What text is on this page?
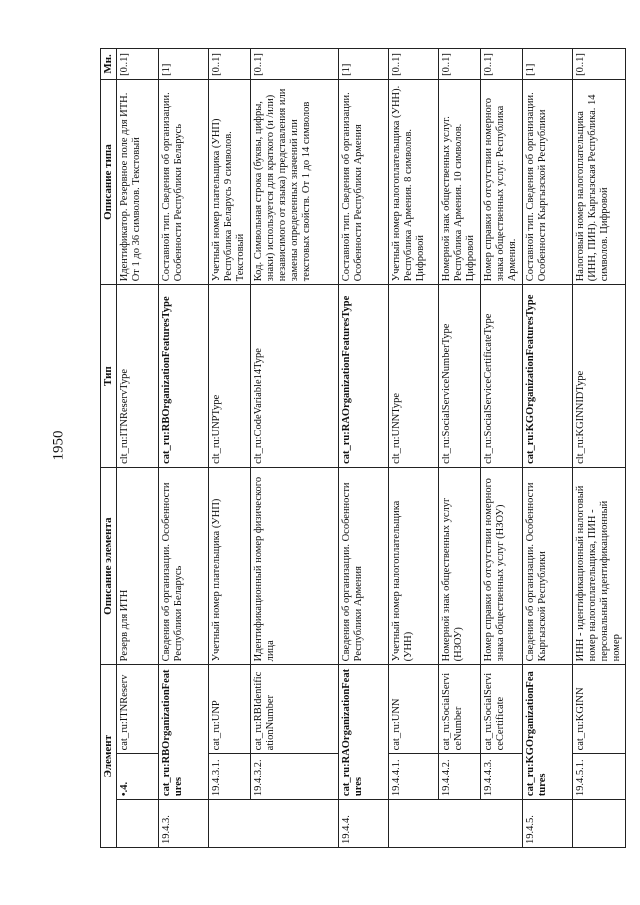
1950
Элемент			Описание элемента	Тип	Описание типа	Мн.
	•.4.	cat_ru:ITNReserv	Резерв для ИТН	clt_ru:ITNReservType	Идентификатор. Резервное поле для ИТН. От 1 до 36 символов. Текстовый	[0..1]
19.4.3.	cat_ru:RBOrganizationFeatures		Сведения об организации. Особенности Республики Беларусь	cat_ru:RBOrganizationFeaturesType	Составной тип. Сведения об организации. Особенности Республики Беларусь	[1]
	19.4.3.1.	cat_ru:UNP	Учетный номер плательщика (УНП)	clt_ru:UNPType	Учетный номер плательщика (УНП) Республика Беларусь 9 символов. Текстовый	[0..1]
	19.4.3.2.	cat_ru:RBIdentificationNumber	Идентификационный номер физического лица	clt_ru:CodeVariable14Type	Код. Символьная строка (буквы, цифры, знаки) используется для краткого (и /или) независимого от языка) представления или замены определенных значений или текстовых свойств. От 1 до 14 символов	[0..1]
19.4.4.	cat_ru:RAOrganizationFeatures		Сведения об организации. Особенности Республики Армения	cat_ru:RAOrganizationFeaturesType	Составной тип. Сведения об организации. Особенности Республики Армения	[1]
	19.4.4.1.	cat_ru:UNN	Учетный номер налогоплательщика (УНН)	clt_ru:UNNType	Учетный номер налогоплательщика (УНН). Республика Армения. 8 символов. Цифровой	[0..1]
	19.4.4.2.	cat_ru:SocialServiceNumber	Номерной знак общественных услуг (НЗОУ)	clt_ru:SocialServiceNumberType	Номерной знак общественных услуг. Республика Армения. 10 символов. Цифровой	[0..1]
	19.4.4.3.	cat_ru:SocialServiceCertificate	Номер справки об отсутствии номерного знака общественных услуг (НЗОУ)	clt_ru:SocialServiceCertificateType	Номер справки об отсутствии номерного знака общественных услуг. Республика Армения.	[0..1]
19.4.5.	cat_ru:KGOrganizationFeatures		Сведения об организации. Особенности Кыргызской Республики	cat_ru:KGOrganizationFeaturesType	Составной тип. Сведения об организации. Особенности Кыргызской Республики	[1]
	19.4.5.1.	cat_ru:KGINN	ИНН - идентификационный налоговый номер налогоплательщика, ПИН - персональный идентификационный номер	clt_ru:KGINNIDType	Налоговый номер налогоплательщика (ИНН, ПИН). Кыргызская Республика. 14 символов. Цифровой	[0..1]
